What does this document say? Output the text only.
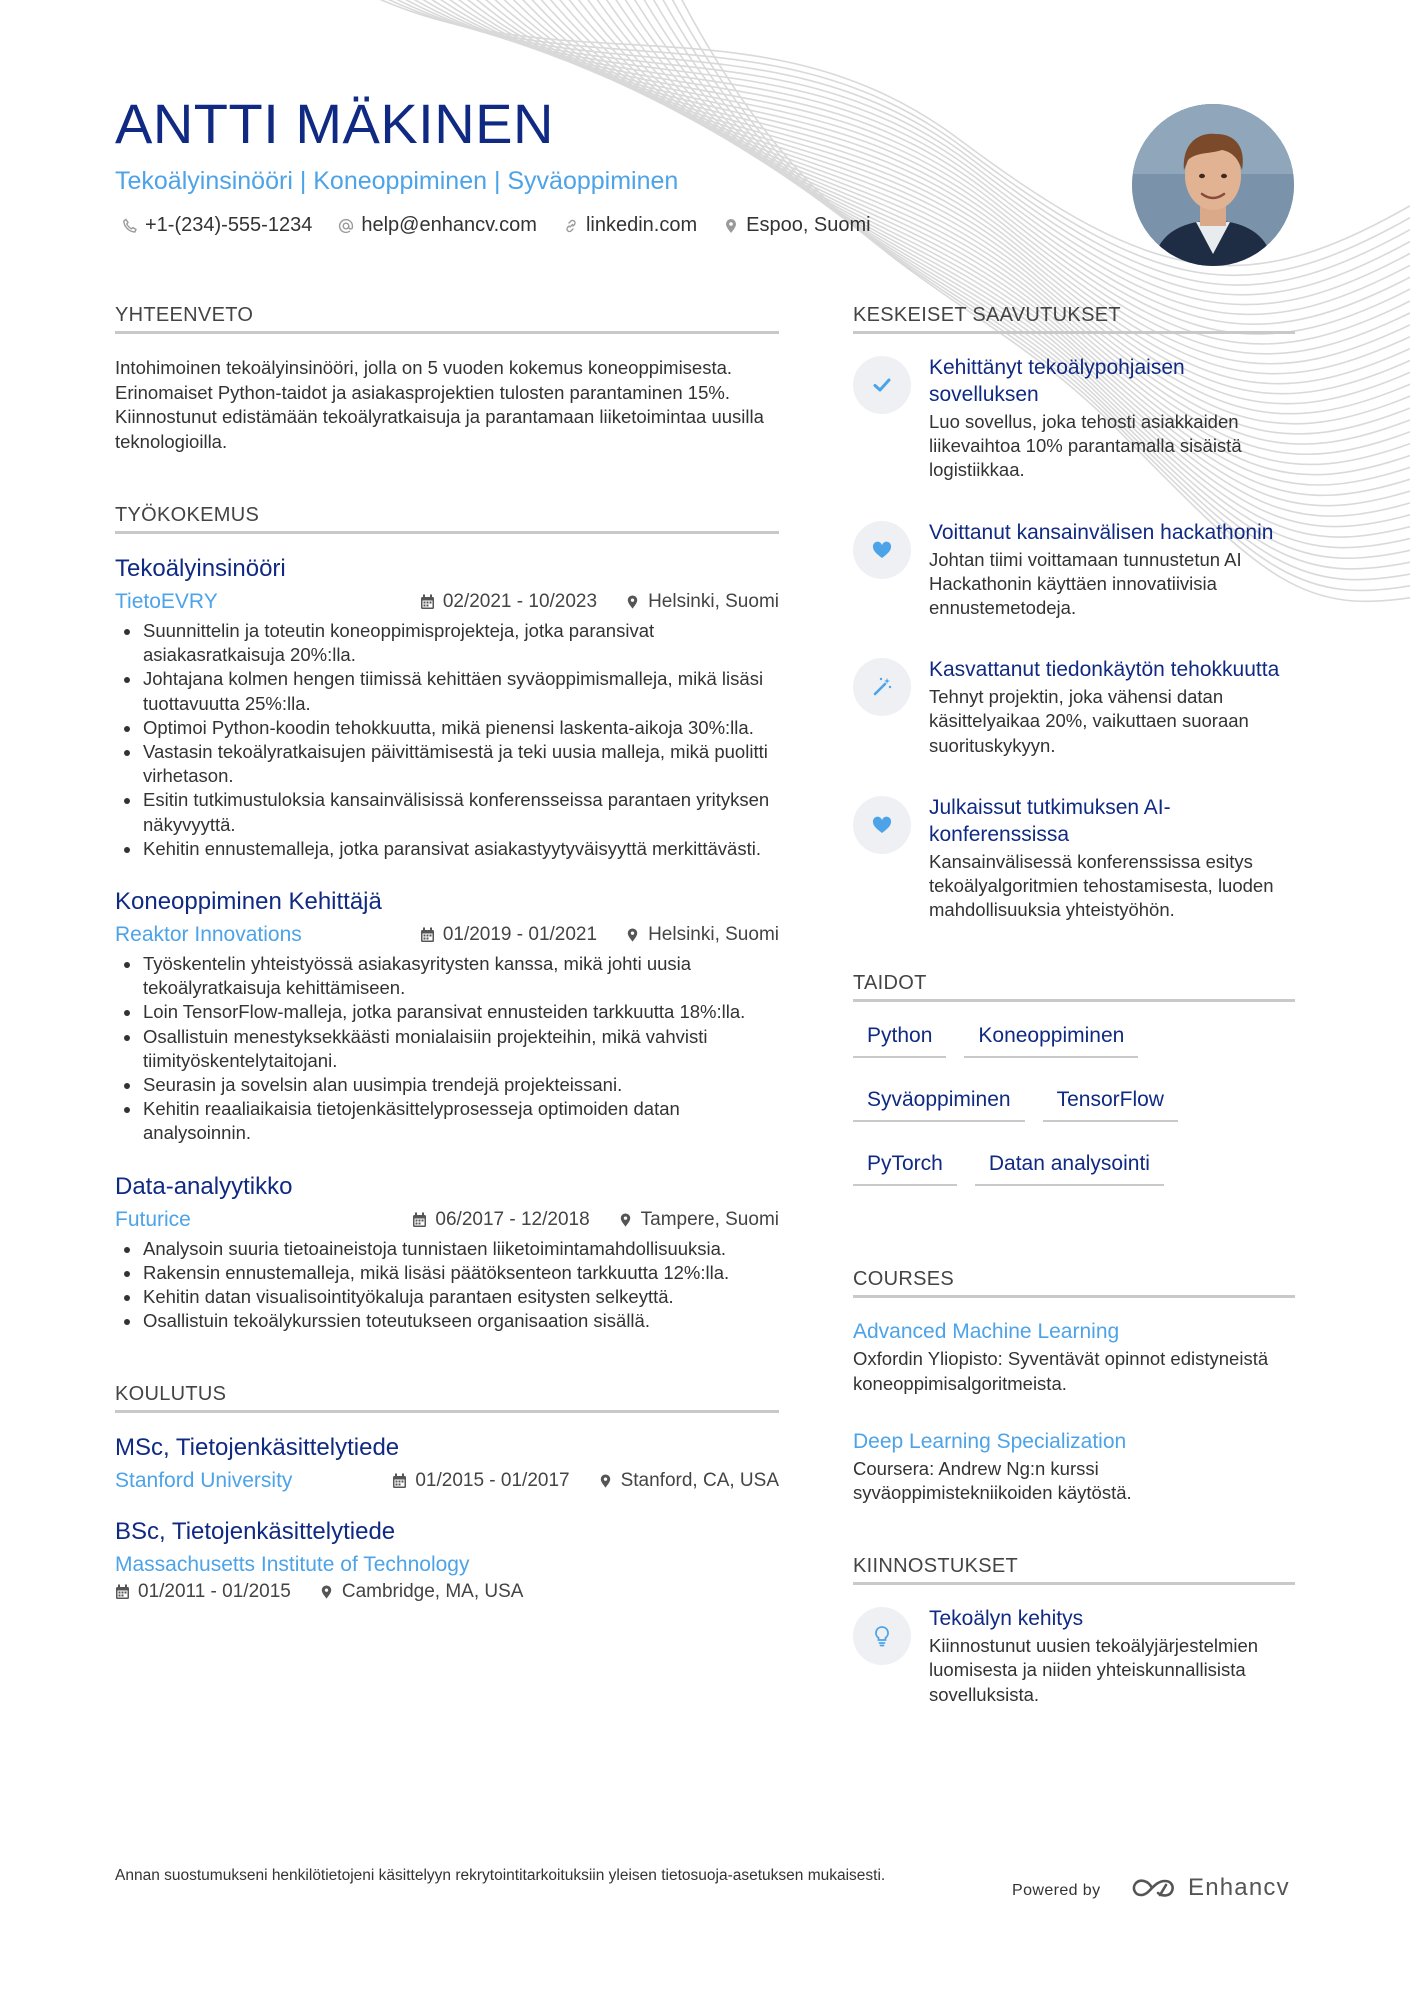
ANTTI MÄKINEN
Tekoälyinsinööri | Koneoppiminen | Syväoppiminen
+1-(234)-555-1234 help@enhancv.com linkedin.com Espoo, Suomi
YHTEENVETO

Intohimoinen tekoälyinsinööri, jolla on 5 vuoden kokemus koneoppimisesta. Erinomaiset Python-taidot ja asiakasprojektien tulosten parantaminen 15%. Kiinnostunut edistämään tekoälyratkaisuja ja parantamaan liiketoimintaa uusilla teknologioilla.

TYÖKOKEMUS
Tekoälyinsinööri
TietoEVRY	02/2021 - 10/2023	Helsinki, Suomi
Suunnittelin ja toteutin koneoppimisprojekteja, jotka paransivat asiakasratkaisuja 20%:lla.
Johtajana kolmen hengen tiimissä kehittäen syväoppimismalleja, mikä lisäsi tuottavuutta 25%:lla.
Optimoi Python-koodin tehokkuutta, mikä pienensi laskenta-aikoja 30%:lla.
Vastasin tekoälyratkaisujen päivittämisestä ja teki uusia malleja, mikä puolitti virhetason.
Esitin tutkimustuloksia kansainvälisissä konferensseissa parantaen yrityksen näkyvyyttä.
Kehitin ennustemalleja, jotka paransivat asiakastyytyväisyyttä merkittävästi.
Koneoppiminen Kehittäjä
Reaktor Innovations	01/2019 - 01/2021	Helsinki, Suomi
Työskentelin yhteistyössä asiakasyritysten kanssa, mikä johti uusia tekoälyratkaisuja kehittämiseen.
Loin TensorFlow-malleja, jotka paransivat ennusteiden tarkkuutta 18%:lla.
Osallistuin menestyksekkäästi monialaisiin projekteihin, mikä vahvisti tiimityöskentelytaitojani.
Seurasin ja sovelsin alan uusimpia trendejä projekteissani.
Kehitin reaaliaikaisia tietojenkäsittelyprosesseja optimoiden datan analysoinnin.
Data-analyytikko
Futurice	06/2017 - 12/2018	Tampere, Suomi
Analysoin suuria tietoaineistoja tunnistaen liiketoimintamahdollisuuksia.
Rakensin ennustemalleja, mikä lisäsi päätöksenteon tarkkuutta 12%:lla.
Kehitin datan visualisointityökaluja parantaen esitysten selkeyttä.
Osallistuin tekoälykurssien toteutukseen organisaation sisällä.
KOULUTUS
MSc, Tietojenkäsittelytiede
Stanford University	01/2015 - 01/2017	Stanford, CA, USA
BSc, Tietojenkäsittelytiede
Massachusetts Institute of Technology
01/2011 - 01/2015	Cambridge, MA, USA
KESKEISET SAAVUTUKSET
Kehittänyt tekoälypohjaisen sovelluksen
Luo sovellus, joka tehosti asiakkaiden liikevaihtoa 10% parantamalla sisäistä logistiikkaa.
Voittanut kansainvälisen hackathonin
Johtan tiimi voittamaan tunnustetun AI Hackathonin käyttäen innovatiivisia ennustemetodeja.
Kasvattanut tiedonkäytön tehokkuutta
Tehnyt projektin, joka vähensi datan käsittelyaikaa 20%, vaikuttaen suoraan suorituskykyyn.
Julkaissut tutkimuksen AI-konferenssissa
Kansainvälisessä konferenssissa esitys tekoälyalgoritmien tehostamisesta, luoden mahdollisuuksia yhteistyöhön.
TAIDOT
Python	Koneoppiminen
Syväoppiminen	TensorFlow
PyTorch	Datan analysointi
COURSES
Advanced Machine Learning
Oxfordin Yliopisto: Syventävät opinnot edistyneistä koneoppimisalgoritmeista.
Deep Learning Specialization
Coursera: Andrew Ng:n kurssi syväoppimistekniikoiden käytöstä.
KIINNOSTUKSET
Tekoälyn kehitys
Kiinnostunut uusien tekoälyjärjestelmien luomisesta ja niiden yhteiskunnallisista sovelluksista.
Annan suostumukseni henkilötietojeni käsittelyyn rekrytointitarkoituksiin yleisen tietosuoja-asetuksen mukaisesti.
Powered by	Enhancv
